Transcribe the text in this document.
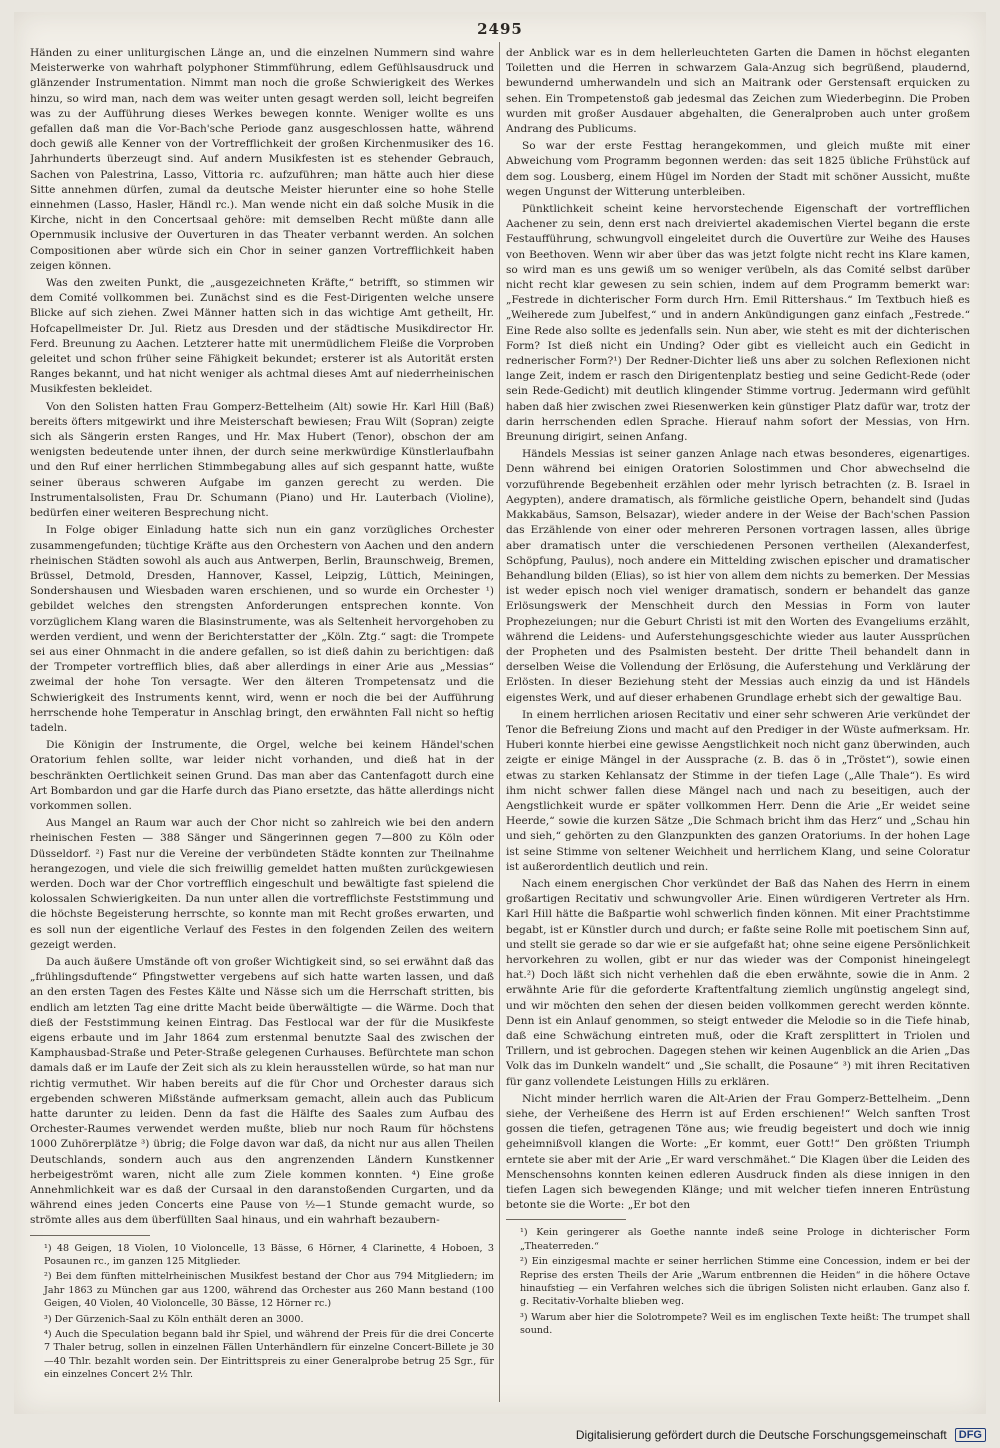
2495

Händen zu einer unliturgischen Länge an, und die einzelnen Nummern sind wahre Meisterwerke von wahrhaft polyphoner Stimmführung, edlem Gefühlsausdruck und glänzender Instrumentation. Nimmt man noch die große Schwierigkeit des Werkes hinzu, so wird man, nach dem was weiter unten gesagt werden soll, leicht begreifen was zu der Aufführung dieses Werkes bewegen konnte. Weniger wollte es uns gefallen daß man die Vor-Bach'sche Periode ganz ausgeschlossen hatte, während doch gewiß alle Kenner von der Vortrefflichkeit der großen Kirchenmusiker des 16. Jahrhunderts überzeugt sind. Auf andern Musikfesten ist es stehender Gebrauch, Sachen von Palestrina, Lasso, Vittoria rc. aufzuführen; man hätte auch hier diese Sitte annehmen dürfen, zumal da deutsche Meister hierunter eine so hohe Stelle einnehmen (Lasso, Hasler, Händl rc.). Man wende nicht ein daß solche Musik in die Kirche, nicht in den Concertsaal gehöre: mit demselben Recht müßte dann alle Opernmusik inclusive der Ouverturen in das Theater verbannt werden. An solchen Compositionen aber würde sich ein Chor in seiner ganzen Vortrefflichkeit haben zeigen können.

Was den zweiten Punkt, die „ausgezeichneten Kräfte,“ betrifft, so stimmen wir dem Comité vollkommen bei. Zunächst sind es die Fest-Dirigenten welche unsere Blicke auf sich ziehen. Zwei Männer hatten sich in das wichtige Amt getheilt, Hr. Hofcapellmeister Dr. Jul. Rietz aus Dresden und der städtische Musikdirector Hr. Ferd. Breunung zu Aachen. Letzterer hatte mit unermüdlichem Fleiße die Vorproben geleitet und schon früher seine Fähigkeit bekundet; ersterer ist als Autorität ersten Ranges bekannt, und hat nicht weniger als achtmal dieses Amt auf niederrheinischen Musikfesten bekleidet.

Von den Solisten hatten Frau Gomperz-Bettelheim (Alt) sowie Hr. Karl Hill (Baß) bereits öfters mitgewirkt und ihre Meisterschaft bewiesen; Frau Wilt (Sopran) zeigte sich als Sängerin ersten Ranges, und Hr. Max Hubert (Tenor), obschon der am wenigsten bedeutende unter ihnen, der durch seine merkwürdige Künstlerlaufbahn und den Ruf einer herrlichen Stimmbegabung alles auf sich gespannt hatte, wußte seiner überaus schweren Aufgabe im ganzen gerecht zu werden. Die Instrumentalsolisten, Frau Dr. Schumann (Piano) und Hr. Lauterbach (Violine), bedürfen einer weiteren Besprechung nicht.

In Folge obiger Einladung hatte sich nun ein ganz vorzügliches Orchester zusammengefunden; tüchtige Kräfte aus den Orchestern von Aachen und den andern rheinischen Städten sowohl als auch aus Antwerpen, Berlin, Braunschweig, Bremen, Brüssel, Detmold, Dresden, Hannover, Kassel, Leipzig, Lüttich, Meiningen, Sondershausen und Wiesbaden waren erschienen, und so wurde ein Orchester ¹) gebildet welches den strengsten Anforderungen entsprechen konnte. Von vorzüglichem Klang waren die Blasinstrumente, was als Seltenheit hervorgehoben zu werden verdient, und wenn der Berichterstatter der „Köln. Ztg.“ sagt: die Trompete sei aus einer Ohnmacht in die andere gefallen, so ist dieß dahin zu berichtigen: daß der Trompeter vortrefflich blies, daß aber allerdings in einer Arie aus „Messias“ zweimal der hohe Ton versagte. Wer den älteren Trompetensatz und die Schwierigkeit des Instruments kennt, wird, wenn er noch die bei der Aufführung herrschende hohe Temperatur in Anschlag bringt, den erwähnten Fall nicht so heftig tadeln.

Die Königin der Instrumente, die Orgel, welche bei keinem Händel'schen Oratorium fehlen sollte, war leider nicht vorhanden, und dieß hat in der beschränkten Oertlichkeit seinen Grund. Das man aber das Cantenfagott durch eine Art Bombardon und gar die Harfe durch das Piano ersetzte, das hätte allerdings nicht vorkommen sollen.

Aus Mangel an Raum war auch der Chor nicht so zahlreich wie bei den andern rheinischen Festen — 388 Sänger und Sängerinnen gegen 7—800 zu Köln oder Düsseldorf. ²) Fast nur die Vereine der verbündeten Städte konnten zur Theilnahme herangezogen, und viele die sich freiwillig gemeldet hatten mußten zurückgewiesen werden. Doch war der Chor vortrefflich eingeschult und bewältigte fast spielend die kolossalen Schwierigkeiten. Da nun unter allen die vortrefflichste Feststimmung und die höchste Begeisterung herrschte, so konnte man mit Recht großes erwarten, und es soll nun der eigentliche Verlauf des Festes in den folgenden Zeilen des weitern gezeigt werden.

Da auch äußere Umstände oft von großer Wichtigkeit sind, so sei erwähnt daß das „frühlingsduftende“ Pfingstwetter vergebens auf sich hatte warten lassen, und daß an den ersten Tagen des Festes Kälte und Nässe sich um die Herrschaft stritten, bis endlich am letzten Tag eine dritte Macht beide überwältigte — die Wärme. Doch that dieß der Feststimmung keinen Eintrag. Das Festlocal war der für die Musikfeste eigens erbaute und im Jahr 1864 zum erstenmal benutzte Saal des zwischen der Kamphausbad-Straße und Peter-Straße gelegenen Curhauses. Befürchtete man schon damals daß er im Laufe der Zeit sich als zu klein herausstellen würde, so hat man nur richtig vermuthet. Wir haben bereits auf die für Chor und Orchester daraus sich ergebenden schweren Mißstände aufmerksam gemacht, allein auch das Publicum hatte darunter zu leiden. Denn da fast die Hälfte des Saales zum Aufbau des Orchester-Raumes verwendet werden mußte, blieb nur noch Raum für höchstens 1000 Zuhörerplätze ³) übrig; die Folge davon war daß, da nicht nur aus allen Theilen Deutschlands, sondern auch aus den angrenzenden Ländern Kunstkenner herbeigeströmt waren, nicht alle zum Ziele kommen konnten. ⁴) Eine große Annehmlichkeit war es daß der Cursaal in den daranstoßenden Curgarten, und da während eines jeden Concerts eine Pause von ½—1 Stunde gemacht wurde, so strömte alles aus dem überfüllten Saal hinaus, und ein wahrhaft bezaubern-

¹) 48 Geigen, 18 Violen, 10 Violoncelle, 13 Bässe, 6 Hörner, 4 Clarinette, 4 Hoboen, 3 Posaunen rc., im ganzen 125 Mitglieder.

²) Bei dem fünften mittelrheinischen Musikfest bestand der Chor aus 794 Mitgliedern; im Jahr 1863 zu München gar aus 1200, während das Orchester aus 260 Mann bestand (100 Geigen, 40 Violen, 40 Violoncelle, 30 Bässe, 12 Hörner rc.)

³) Der Gürzenich-Saal zu Köln enthält deren an 3000.

⁴) Auch die Speculation begann bald ihr Spiel, und während der Preis für die drei Concerte 7 Thaler betrug, sollen in einzelnen Fällen Unterhändlern für einzelne Concert-Billete je 30—40 Thlr. bezahlt worden sein. Der Eintrittspreis zu einer Generalprobe betrug 25 Sgr., für ein einzelnes Concert 2½ Thlr.

der Anblick war es in dem hellerleuchteten Garten die Damen in höchst eleganten Toiletten und die Herren in schwarzem Gala-Anzug sich begrüßend, plaudernd, bewundernd umherwandeln und sich an Maitrank oder Gerstensaft erquicken zu sehen. Ein Trompetenstoß gab jedesmal das Zeichen zum Wiederbeginn. Die Proben wurden mit großer Ausdauer abgehalten, die Generalproben auch unter großem Andrang des Publicums.

So war der erste Festtag herangekommen, und gleich mußte mit einer Abweichung vom Programm begonnen werden: das seit 1825 übliche Frühstück auf dem sog. Lousberg, einem Hügel im Norden der Stadt mit schöner Aussicht, mußte wegen Ungunst der Witterung unterbleiben.

Pünktlichkeit scheint keine hervorstechende Eigenschaft der vortrefflichen Aachener zu sein, denn erst nach dreiviertel akademischen Viertel begann die erste Festaufführung, schwungvoll eingeleitet durch die Ouvertüre zur Weihe des Hauses von Beethoven. Wenn wir aber über das was jetzt folgte nicht recht ins Klare kamen, so wird man es uns gewiß um so weniger verübeln, als das Comité selbst darüber nicht recht klar gewesen zu sein schien, indem auf dem Programm bemerkt war: „Festrede in dichterischer Form durch Hrn. Emil Rittershaus.“ Im Textbuch hieß es „Weiherede zum Jubelfest,“ und in andern Ankündigungen ganz einfach „Festrede.“ Eine Rede also sollte es jedenfalls sein. Nun aber, wie steht es mit der dichterischen Form? Ist dieß nicht ein Unding? Oder gibt es vielleicht auch ein Gedicht in rednerischer Form?¹) Der Redner-Dichter ließ uns aber zu solchen Reflexionen nicht lange Zeit, indem er rasch den Dirigentenplatz bestieg und seine Gedicht-Rede (oder sein Rede-Gedicht) mit deutlich klingender Stimme vortrug. Jedermann wird gefühlt haben daß hier zwischen zwei Riesenwerken kein günstiger Platz dafür war, trotz der darin herrschenden edlen Sprache. Hierauf nahm sofort der Messias, von Hrn. Breunung dirigirt, seinen Anfang.

Händels Messias ist seiner ganzen Anlage nach etwas besonderes, eigenartiges. Denn während bei einigen Oratorien Solostimmen und Chor abwechselnd die vorzuführende Begebenheit erzählen oder mehr lyrisch betrachten (z. B. Israel in Aegypten), andere dramatisch, als förmliche geistliche Opern, behandelt sind (Judas Makkabäus, Samson, Belsazar), wieder andere in der Weise der Bach'schen Passion das Erzählende von einer oder mehreren Personen vortragen lassen, alles übrige aber dramatisch unter die verschiedenen Personen vertheilen (Alexanderfest, Schöpfung, Paulus), noch andere ein Mittelding zwischen epischer und dramatischer Behandlung bilden (Elias), so ist hier von allem dem nichts zu bemerken. Der Messias ist weder episch noch viel weniger dramatisch, sondern er behandelt das ganze Erlösungswerk der Menschheit durch den Messias in Form von lauter Prophezeiungen; nur die Geburt Christi ist mit den Worten des Evangeliums erzählt, während die Leidens- und Auferstehungsgeschichte wieder aus lauter Aussprüchen der Propheten und des Psalmisten besteht. Der dritte Theil behandelt dann in derselben Weise die Vollendung der Erlösung, die Auferstehung und Verklärung der Erlösten. In dieser Beziehung steht der Messias auch einzig da und ist Händels eigenstes Werk, und auf dieser erhabenen Grundlage erhebt sich der gewaltige Bau.

In einem herrlichen ariosen Recitativ und einer sehr schweren Arie verkündet der Tenor die Befreiung Zions und macht auf den Prediger in der Wüste aufmerksam. Hr. Huberi konnte hierbei eine gewisse Aengstlichkeit noch nicht ganz überwinden, auch zeigte er einige Mängel in der Aussprache (z. B. das ö in „Tröstet“), sowie einen etwas zu starken Kehlansatz der Stimme in der tiefen Lage („Alle Thale“). Es wird ihm nicht schwer fallen diese Mängel nach und nach zu beseitigen, auch der Aengstlichkeit wurde er später vollkommen Herr. Denn die Arie „Er weidet seine Heerde,“ sowie die kurzen Sätze „Die Schmach bricht ihm das Herz“ und „Schau hin und sieh,“ gehörten zu den Glanzpunkten des ganzen Oratoriums. In der hohen Lage ist seine Stimme von seltener Weichheit und herrlichem Klang, und seine Coloratur ist außerordentlich deutlich und rein.

Nach einem energischen Chor verkündet der Baß das Nahen des Herrn in einem großartigen Recitativ und schwungvoller Arie. Einen würdigeren Vertreter als Hrn. Karl Hill hätte die Baßpartie wohl schwerlich finden können. Mit einer Prachtstimme begabt, ist er Künstler durch und durch; er faßte seine Rolle mit poetischem Sinn auf, und stellt sie gerade so dar wie er sie aufgefaßt hat; ohne seine eigene Persönlichkeit hervorkehren zu wollen, gibt er nur das wieder was der Componist hineingelegt hat.²) Doch läßt sich nicht verhehlen daß die eben erwähnte, sowie die in Anm. 2 erwähnte Arie für die geforderte Kraftentfaltung ziemlich ungünstig angelegt sind, und wir möchten den sehen der diesen beiden vollkommen gerecht werden könnte. Denn ist ein Anlauf genommen, so steigt entweder die Melodie so in die Tiefe hinab, daß eine Schwächung eintreten muß, oder die Kraft zersplittert in Triolen und Trillern, und ist gebrochen. Dagegen stehen wir keinen Augenblick an die Arien „Das Volk das im Dunkeln wandelt“ und „Sie schallt, die Posaune“ ³) mit ihren Recitativen für ganz vollendete Leistungen Hills zu erklären.

Nicht minder herrlich waren die Alt-Arien der Frau Gomperz-Bettelheim. „Denn siehe, der Verheißene des Herrn ist auf Erden erschienen!“ Welch sanften Trost gossen die tiefen, getragenen Töne aus; wie freudig begeistert und doch wie innig geheimnißvoll klangen die Worte: „Er kommt, euer Gott!“ Den größten Triumph erntete sie aber mit der Arie „Er ward verschmähet.“ Die Klagen über die Leiden des Menschensohns konnten keinen edleren Ausdruck finden als diese innigen in den tiefen Lagen sich bewegenden Klänge; und mit welcher tiefen inneren Entrüstung betonte sie die Worte: „Er bot den

¹) Kein geringerer als Goethe nannte indeß seine Prologe in dichterischer Form „Theaterreden.“

²) Ein einzigesmal machte er seiner herrlichen Stimme eine Concession, indem er bei der Reprise des ersten Theils der Arie „Warum entbrennen die Heiden“ in die höhere Octave hinaufstieg — ein Verfahren welches sich die übrigen Solisten nicht erlauben. Ganz also f. g. Recitativ-Vorhalte blieben weg.

³) Warum aber hier die Solotrompete? Weil es im englischen Texte heißt: The trumpet shall sound.

Digitalisierung gefördert durch die Deutsche Forschungsgemeinschaft	DFG
